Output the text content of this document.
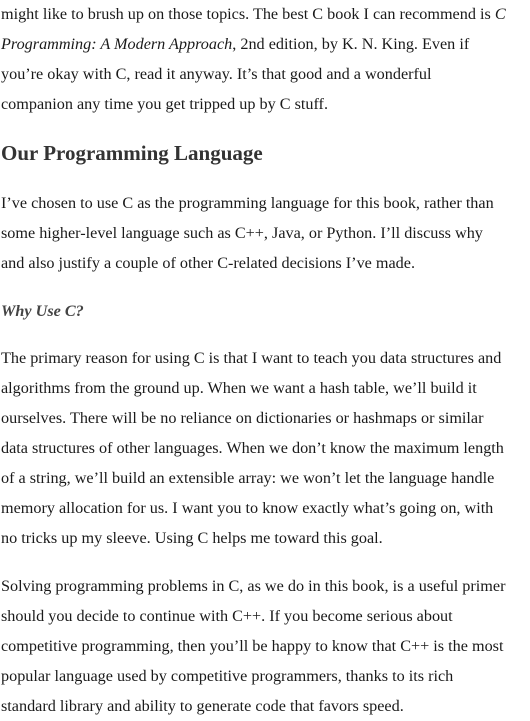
might like to brush up on those topics. The best C book I can recommend is C
Programming: A Modern Approach, 2nd edition, by K. N. King. Even if
you’re okay with C, read it anyway. It’s that good and a wonderful
companion any time you get tripped up by C stuff.

Our Programming Language

I’ve chosen to use C as the programming language for this book, rather than
some higher-level language such as C++, Java, or Python. I’ll discuss why
and also justify a couple of other C-related decisions I’ve made.

Why Use C?

The primary reason for using C is that I want to teach you data structures and
algorithms from the ground up. When we want a hash table, we’ll build it
ourselves. There will be no reliance on dictionaries or hashmaps or similar
data structures of other languages. When we don’t know the maximum length
of a string, we’ll build an extensible array: we won’t let the language handle
memory allocation for us. I want you to know exactly what’s going on, with
no tricks up my sleeve. Using C helps me toward this goal.

Solving programming problems in C, as we do in this book, is a useful primer
should you decide to continue with C++. If you become serious about
competitive programming, then you’ll be happy to know that C++ is the most
popular language used by competitive programmers, thanks to its rich
standard library and ability to generate code that favors speed.
